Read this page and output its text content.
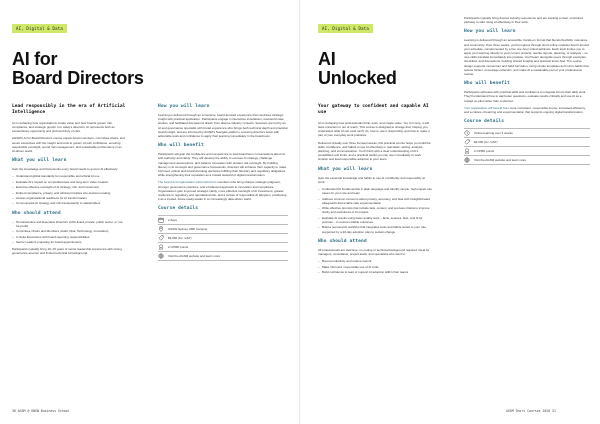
AI, Digital & Data
AI for
Board Directors
Lead responsibly in the era of Artificial Intelligence

AI is reshaping how organisations create value and how boards govern risk, compliance, and strategic growth. For today's directors, AI represents both an extraordinary opportunity and profound duty of care.

AGSM's AI for Board Directors course equips board members, committee chairs, and senior executives with the insight and tools to govern AI with confidence, ensuring responsible oversight, sound risk management, and sustainable performance in an AI-driven world.

What you will learn

Gain the knowledge and frameworks every board needs to govern AI effectively:

– Understand global standards for responsible and ethical AI use
– Evaluate AI's impact on competitiveness and long-term value creation
– Exercise effective oversight of AI strategy, risk, and investment
– Embed compliance, privacy, and ethical principles into decision-making
– Assess organisational readiness for AI transformation
– Communicate AI strategy and risk transparently to stakeholders
Who should attend
– Non-Executive and Executive Directors (ASX-listed, private, public sector, or not-for-profit)
– Committee Chairs and Members (Audit, Risk, Technology, Innovation)
– C-Suite Executives with board-reporting responsibilities
– Senior Leaders preparing for board appointments

Participants typically bring 10–15 years of senior leadership experience with strong governance acumen and limited technical AI background.

How you will learn

Learning is delivered through an immersive, board-focused experience that combines strategic insight with practical application. Participants engage in interactive simulations, real-world case studies, and facilitated discussions drawn from diverse industry contexts. Sessions are led by an AI and governance specialist with broad experience who brings both technical depth and practical board insight, and are informed by AGSM's Navigate platform, ensuring directors leave with actionable tools and confidence to apply their learning immediately in the boardroom.

Who will benefit

Participants will gain the confidence and competence to lead boardroom conversations about AI with authority and clarity. They will develop the ability to oversee AI strategy, challenge management assumptions, and balance innovation with prudent risk oversight. By building fluency in AI concepts and governance frameworks, directors will enhance their capacity to make informed, ethical and forward-looking decisions fulfilling their fiduciary and regulatory obligations while strengthening their reputation as a trusted steward of digital transformation.

The board and organisation will benefit from members who bring sharper strategic judgment, stronger governance practices, and a balanced approach to innovation and compliance. Organisations gain improved strategic clarity, more effective oversight of AI investment, greater resilience to regulatory and reputational risk, and a culture of responsible AI adoption, positioning it as a trusted, future-ready leader in an increasingly data-driven world.

Course details
2 days
UNSW Sydney CBD Campus
$3,950 (inc. GST)
2 CPMD points
Visit the AGSM website and learn more
30 AGSM @ UNSW Business School
AI, Digital & Data
AI
Unlocked
Your gateway to confident and capable AI use

AI is reshaping how professionals think, work, and create value. Yet, for many, it still feels uncertain or out of reach. This course is designed to change that, helping you understand what AI can (and can't) do, how to use it responsibly, and how to make it part of your everyday work practices.

Delivered virtually over three focused weeks, this practical course helps you build the skills, confidence, and habits to use AI effectively in real tasks: writing, analysis, planning, and communication. You'll finish with a clear understanding of AI's possibilities and limits, and a practical toolkit you can use immediately to work smarter and lead responsible adoption in your team.

What you will learn

Gain the essential knowledge and habits to use AI confidently and responsibly at work:

– Understand AI fundamentals in plain language and identify simple, high-impact use cases for your role and team
– Address common concerns about privacy, accuracy, and bias with straightforward safeguards that enable safe experimentation
– Write effective prompts that include task, context, and success criteria to improve clarity and usefulness of AI outputs
– Evaluate AI results using basic quality tests – facts, sources, bias, and fit for purpose – to ensure reliable outcomes
– Build a personal AI workflow that integrates tools and habits suited to your role, supported by a 30-day adoption plan to sustain change
Who should attend

All professionals are welcome; no coding or technical background required. Ideal for managers, consultants, project leads, and specialists who want to:

– Boost productivity and reduce rework
– Make informed, responsible use of AI tools
– Build confidence to lead or support AI adoption within their teams

Participants typically bring diverse industry experience and are seeking a clear, structured pathway to start using AI effectively in their work.

How you will learn

Learning is delivered through an accessible, hands-on format that blends flexibility, relevance, and community. Over three weeks, you'll progress through short online modules that fit around your schedule, complemented by a live one-hour virtual webinars. Each topic invites you to apply your learning directly to your current projects: rewrite reports, planning, or analysis – so new skills translate immediately into practice. You'll learn alongside peers through examples, checklists, and discussions, building shared insights and practical know-how. The course design supports momentum and habit formation, using simple templates and micro-habits that reduce friction, encourage reflection, and make AI a sustainable part of your professional routine.

Who will benefit

Participants will leave with practical skills and confidence to integrate AI into their daily work. They'll understand how to ask better questions, evaluate results critically and use AI as a trusted co-pilot rather than a shortcut.

Your organisation will benefit from more consistent, responsible AI use, increased efficiency, and a culture of learning and experimentation that supports ongoing digital transformation.

Course details
Online learning over 3 weeks
$2,000 (inc. GST)
2 CPMD points
Visit the AGSM website and learn more
AGSM Short Courses 2026 31
